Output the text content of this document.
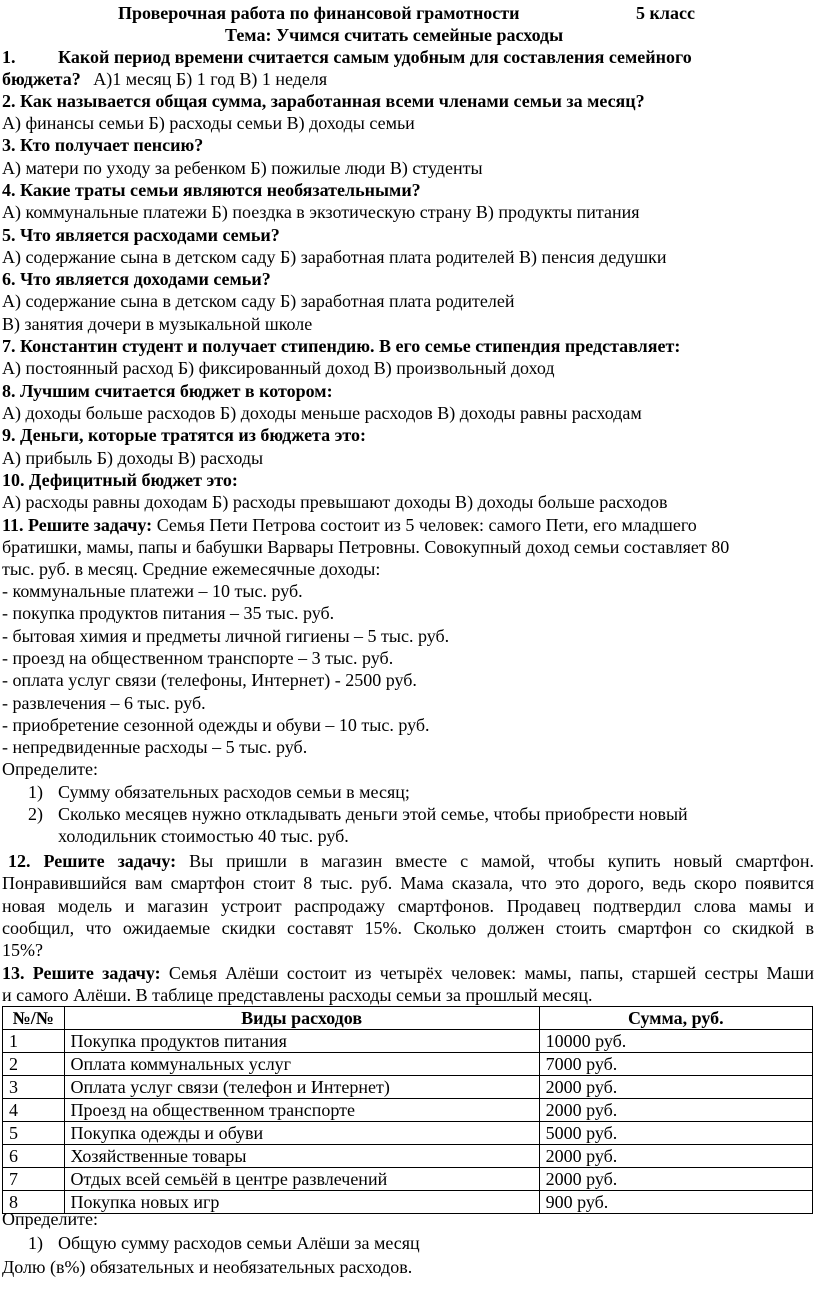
Проверочная работа по финансовой грамотности	5 класс
Тема: Учимся считать семейные расходы
1. Какой период времени считается самым удобным для составления семейного
бюджета? А)1 месяц Б) 1 год В) 1 неделя
2. Как называется общая сумма, заработанная всеми членами семьи за месяц?
А) финансы семьи Б) расходы семьи В) доходы семьи
3. Кто получает пенсию?
А) матери по уходу за ребенком Б) пожилые люди В) студенты
4. Какие траты семьи являются необязательными?
А) коммунальные платежи Б) поездка в экзотическую страну В) продукты питания
5. Что является расходами семьи?
А) содержание сына в детском саду Б) заработная плата родителей В) пенсия дедушки
6. Что является доходами семьи?
А) содержание сына в детском саду Б) заработная плата родителей
В) занятия дочери в музыкальной школе
7. Константин студент и получает стипендию. В его семье стипендия представляет:
А) постоянный расход Б) фиксированный доход В) произвольный доход
8. Лучшим считается бюджет в котором:
А) доходы больше расходов Б) доходы меньше расходов В) доходы равны расходам
9. Деньги, которые тратятся из бюджета это:
А) прибыль Б) доходы В) расходы
10. Дефицитный бюджет это:
А) расходы равны доходам Б) расходы превышают доходы В) доходы больше расходов
11. Решите задачу: Семья Пети Петрова состоит из 5 человек: самого Пети, его младшего
братишки, мамы, папы и бабушки Варвары Петровны. Совокупный доход семьи составляет 80
тыс. руб. в месяц. Средние ежемесячные доходы:
- коммунальные платежи – 10 тыс. руб.
- покупка продуктов питания – 35 тыс. руб.
- бытовая химия и предметы личной гигиены – 5 тыс. руб.
- проезд на общественном транспорте – 3 тыс. руб.
- оплата услуг связи (телефоны, Интернет) - 2500 руб.
- развлечения – 6 тыс. руб.
- приобретение сезонной одежды и обуви – 10 тыс. руб.
- непредвиденные расходы – 5 тыс. руб.
Определите:
1) Сумму обязательных расходов семьи в месяц;
2) Сколько месяцев нужно откладывать деньги этой семье, чтобы приобрести новый
холодильник стоимостью 40 тыс. руб.
12. Решите задачу: Вы пришли в магазин вместе с мамой, чтобы купить новый смартфон.
Понравившийся вам смартфон стоит 8 тыс. руб. Мама сказала, что это дорого, ведь скоро появится
новая модель и магазин устроит распродажу смартфонов. Продавец подтвердил слова мамы и
сообщил, что ожидаемые скидки составят 15%. Сколько должен стоить смартфон со скидкой в
15%?
13. Решите задачу: Семья Алёши состоит из четырёх человек: мамы, папы, старшей сестры Маши
и самого Алёши. В таблице представлены расходы семьи за прошлый месяц.
№/№	Виды расходов	Сумма, руб.
1	Покупка продуктов питания	10000 руб.
2	Оплата коммунальных услуг	7000 руб.
3	Оплата услуг связи (телефон и Интернет)	2000 руб.
4	Проезд на общественном транспорте	2000 руб.
5	Покупка одежды и обуви	5000 руб.
6	Хозяйственные товары	2000 руб.
7	Отдых всей семьёй в центре развлечений	2000 руб.
8	Покупка новых игр	900 руб.
Определите:
1) Общую сумму расходов семьи Алёши за месяц
Долю (в%) обязательных и необязательных расходов.
